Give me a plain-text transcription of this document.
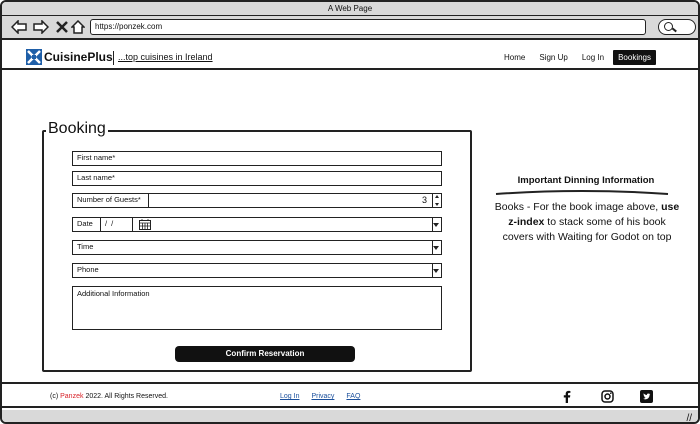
A Web Page
https://ponzek.com
CuisinePlus ...top cuisines in Ireland	Home	Sign Up	Log In	Bookings
Booking
First name*
Last name*
Number of Guests*	3
Date	/ /
Time
Phone
Additional Information
Confirm Reservation
Important Dinning Information
Books - For the book image above, use z-index to stack some of his book covers with Waiting for Godot on top
(c) Panzek 2022. All Rights Reserved.	Log In Privacy FAQ
//
